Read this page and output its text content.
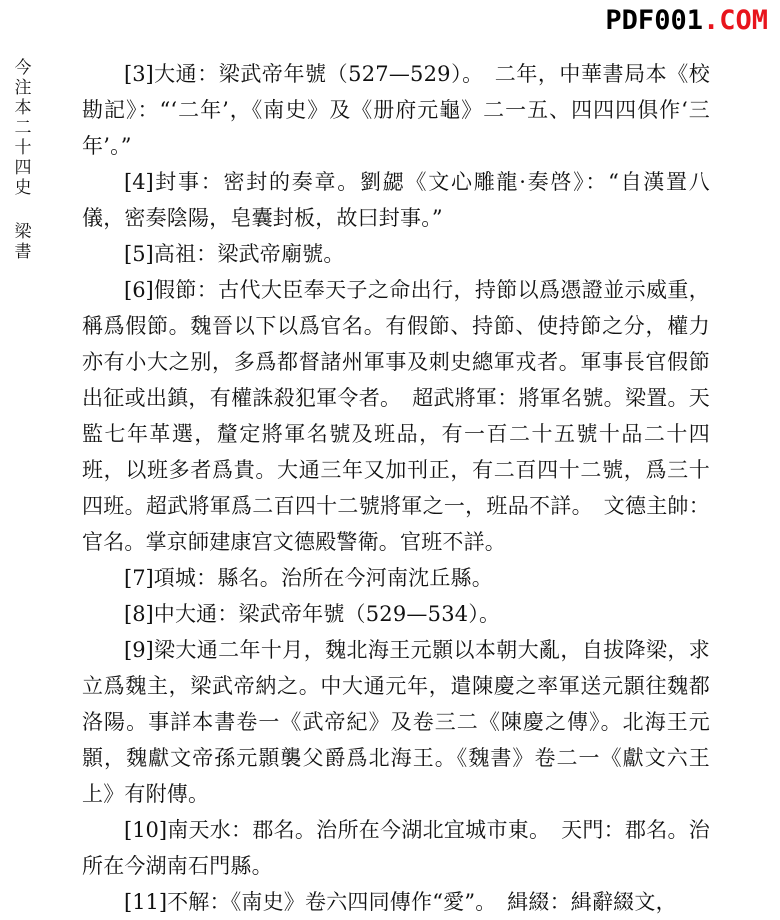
PDF001.COM
今注本二十四史
梁書

[3]大通：梁武帝年號（527—529）。　二年，中華書局本《校勘記》：“‘二年’，《南史》及《册府元龜》二一五、四四四俱作‘三年’。”

[4]封事：密封的奏章。劉勰《文心雕龍·奏啓》：“自漢置八儀，密奏陰陽，皂囊封板，故曰封事。”

[5]高祖：梁武帝廟號。

[6]假節：古代大臣奉天子之命出行，持節以爲憑證並示威重，稱爲假節。魏晉以下以爲官名。有假節、持節、使持節之分，權力亦有小大之别，多爲都督諸州軍事及刺史總軍戎者。軍事長官假節出征或出鎮，有權誅殺犯軍令者。　超武將軍：將軍名號。梁置。天監七年革選，釐定將軍名號及班品，有一百二十五號十品二十四班，以班多者爲貴。大通三年又加刊正，有二百四十二號，爲三十四班。超武將軍爲二百四十二號將軍之一，班品不詳。　文德主帥：官名。掌京師建康宫文德殿警衛。官班不詳。

[7]項城：縣名。治所在今河南沈丘縣。

[8]中大通：梁武帝年號（529—534）。

[9]梁大通二年十月，魏北海王元顥以本朝大亂，自拔降梁，求立爲魏主，梁武帝納之。中大通元年，遣陳慶之率軍送元顥往魏都洛陽。事詳本書卷一《武帝紀》及卷三二《陳慶之傳》。北海王元顥，魏獻文帝孫元顥襲父爵爲北海王。《魏書》卷二一《獻文六王上》有附傳。

[10]南天水：郡名。治所在今湖北宜城市東。　天門：郡名。治所在今湖南石門縣。

[11]不解：《南史》卷六四同傳作“愛”。　緝綴：緝辭綴文，
